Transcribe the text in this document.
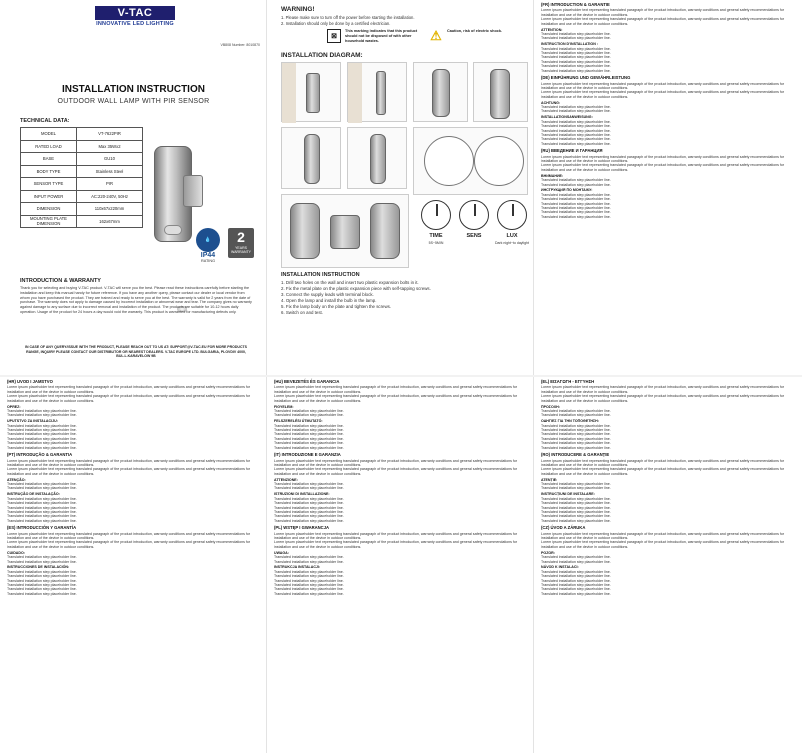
V-TAC
INNOVATIVE LED LIGHTING
VB808 Number: 8010870
INSTALLATION INSTRUCTION
OUTDOOR WALL LAMP WITH PIR SENSOR
TECHNICAL DATA:
MODEL	VT-7622PIR
RATED LOAD	Max 35Wx2
BASE	GU10
BODY TYPE	Stainless Steel
SENSOR TYPE	PIR
INPUT POWER	AC:220-240V, 50Hz
DIMENSION	110x67x220mm
MOUNTING PLATE DIMENSION	162x67mm
💧
IP44
RATING
2
YEARS WARRANTY
INTRODUCTION & WARRANTY
Thank you for selecting and buying V-TAC product. V-TAC will serve you the best. Please read these instructions carefully before starting the installation and keep this manual handy for future reference. If you have any another query, please contact our dealer or local vendor from whom you have purchased the product. They are trained and ready to serve you at the best. The warranty is valid for 2 years from the date of purchase. The warranty does not apply to damage caused by incorrect installation or abnormal wear and tear. The company gives no warranty against damage to any surface due to incorrect removal and installation of the product. The products are suitable for 10-12 hours daily operation. Usage of the product for 24 hours a day would void the warranty. This product is warranted for manufacturing defects only.
IN CASE OF ANY QUERY/ISSUE WITH THE PRODUCT, PLEASE REACH OUT TO US AT: SUPPORT@V-TAC.EU FOR MORE PRODUCTS RANGE, INQUIRY PLEASE CONTACT OUR DISTRIBUTOR OR NEAREST DEALERS. V-TAC EUROPE LTD. BULGARIA, PLOVDIV 4000, BUL.L.KARAVELOW 9B
WARNING!
1. Please make sure to turn off the power before starting the installation.
2. Installation should only be done by a certified electrician.
⊠
This marking indicates that this product should not be disposed of with other household wastes.	⚠	Caution, risk of electric shock.
INSTALLATION DIAGRAM:
TIME	SENS	LUX
5S~5MIN	Dark night~to daylight
INSTALLATION INSTRUCTION
1. Drill two holes on the wall and insert two plastic expansion bolts in it.
2. Fix the metal plate on the plastic expansion piece with self-tapping screws.
3. Connect the supply leads with terminal block.
4. Open the lamp and install the bulb in the lamp.
5. Fix the lamp body on the plate and tighten the screws.
6. Switch on and test.
(FR) INTRODUCTION & GARANTIE

Lorem ipsum placeholder text representing translated paragraph of the product introduction, warranty conditions and general safety recommendations for installation and use of the device in outdoor conditions.

Lorem ipsum placeholder text representing translated paragraph of the product introduction, warranty conditions and general safety recommendations for installation and use of the device in outdoor conditions.

ATTENTION:

Translated installation step placeholder line.

Translated installation step placeholder line.

INSTRUCTION D'INSTALLATION :

Translated installation step placeholder line.

Translated installation step placeholder line.

Translated installation step placeholder line.

Translated installation step placeholder line.

Translated installation step placeholder line.

Translated installation step placeholder line.

(DE) EINFÜHRUNG UND GEWÄHRLEISTUNG

Lorem ipsum placeholder text representing translated paragraph of the product introduction, warranty conditions and general safety recommendations for installation and use of the device in outdoor conditions.

Lorem ipsum placeholder text representing translated paragraph of the product introduction, warranty conditions and general safety recommendations for installation and use of the device in outdoor conditions.

ACHTUNG:

Translated installation step placeholder line.

Translated installation step placeholder line.

INSTALLATIONSANWEISUNG:

Translated installation step placeholder line.

Translated installation step placeholder line.

Translated installation step placeholder line.

Translated installation step placeholder line.

Translated installation step placeholder line.

Translated installation step placeholder line.

(RU) ВВЕДЕНИЕ И ГАРАНЦИЯ

Lorem ipsum placeholder text representing translated paragraph of the product introduction, warranty conditions and general safety recommendations for installation and use of the device in outdoor conditions.

Lorem ipsum placeholder text representing translated paragraph of the product introduction, warranty conditions and general safety recommendations for installation and use of the device in outdoor conditions.

ВНИМАНИЕ:

Translated installation step placeholder line.

Translated installation step placeholder line.

ИНСТРУКЦИЯ ПО МОНТАЖУ:

Translated installation step placeholder line.

Translated installation step placeholder line.

Translated installation step placeholder line.

Translated installation step placeholder line.

Translated installation step placeholder line.

Translated installation step placeholder line.

(HR) UVOD I JAMSTVO

Lorem ipsum placeholder text representing translated paragraph of the product introduction, warranty conditions and general safety recommendations for installation and use of the device in outdoor conditions.

Lorem ipsum placeholder text representing translated paragraph of the product introduction, warranty conditions and general safety recommendations for installation and use of the device in outdoor conditions.

OPREZ:

Translated installation step placeholder line.

Translated installation step placeholder line.

UPUTSTVO ZA INSTALACIJU:

Translated installation step placeholder line.

Translated installation step placeholder line.

Translated installation step placeholder line.

Translated installation step placeholder line.

Translated installation step placeholder line.

Translated installation step placeholder line.

(PT) INTRODUÇÃO & GARANTIA

Lorem ipsum placeholder text representing translated paragraph of the product introduction, warranty conditions and general safety recommendations for installation and use of the device in outdoor conditions.

Lorem ipsum placeholder text representing translated paragraph of the product introduction, warranty conditions and general safety recommendations for installation and use of the device in outdoor conditions.

ATENÇÃO:

Translated installation step placeholder line.

Translated installation step placeholder line.

INSTRUÇÃO DE INSTALAÇÃO:

Translated installation step placeholder line.

Translated installation step placeholder line.

Translated installation step placeholder line.

Translated installation step placeholder line.

Translated installation step placeholder line.

Translated installation step placeholder line.

(ES) INTRODUCCIÓN Y GARANTÍA

Lorem ipsum placeholder text representing translated paragraph of the product introduction, warranty conditions and general safety recommendations for installation and use of the device in outdoor conditions.

Lorem ipsum placeholder text representing translated paragraph of the product introduction, warranty conditions and general safety recommendations for installation and use of the device in outdoor conditions.

CUIDADO:

Translated installation step placeholder line.

Translated installation step placeholder line.

INSTRUCCIONES DE INSTALACIÓN:

Translated installation step placeholder line.

Translated installation step placeholder line.

Translated installation step placeholder line.

Translated installation step placeholder line.

Translated installation step placeholder line.

Translated installation step placeholder line.

(HU) BEVEZETÉS ÉS GARANCIA

Lorem ipsum placeholder text representing translated paragraph of the product introduction, warranty conditions and general safety recommendations for installation and use of the device in outdoor conditions.

Lorem ipsum placeholder text representing translated paragraph of the product introduction, warranty conditions and general safety recommendations for installation and use of the device in outdoor conditions.

FIGYELEM:

Translated installation step placeholder line.

Translated installation step placeholder line.

FELSZERELÉSI ÚTMUTATÓ:

Translated installation step placeholder line.

Translated installation step placeholder line.

Translated installation step placeholder line.

Translated installation step placeholder line.

Translated installation step placeholder line.

Translated installation step placeholder line.

(IT) INTRODUZIONE E GARANZIA

Lorem ipsum placeholder text representing translated paragraph of the product introduction, warranty conditions and general safety recommendations for installation and use of the device in outdoor conditions.

Lorem ipsum placeholder text representing translated paragraph of the product introduction, warranty conditions and general safety recommendations for installation and use of the device in outdoor conditions.

ATTENZIONE:

Translated installation step placeholder line.

Translated installation step placeholder line.

ISTRUZIONI DI INSTALLAZIONE:

Translated installation step placeholder line.

Translated installation step placeholder line.

Translated installation step placeholder line.

Translated installation step placeholder line.

Translated installation step placeholder line.

Translated installation step placeholder line.

(PL) WSTĘP I GWARANCJA

Lorem ipsum placeholder text representing translated paragraph of the product introduction, warranty conditions and general safety recommendations for installation and use of the device in outdoor conditions.

Lorem ipsum placeholder text representing translated paragraph of the product introduction, warranty conditions and general safety recommendations for installation and use of the device in outdoor conditions.

UWAGA:

Translated installation step placeholder line.

Translated installation step placeholder line.

INSTRUKCJA INSTALACJI:

Translated installation step placeholder line.

Translated installation step placeholder line.

Translated installation step placeholder line.

Translated installation step placeholder line.

Translated installation step placeholder line.

Translated installation step placeholder line.

(EL) ΕΙΣΑΓΩΓΗ - ΕΓΓΥΗΣΗ

Lorem ipsum placeholder text representing translated paragraph of the product introduction, warranty conditions and general safety recommendations for installation and use of the device in outdoor conditions.

Lorem ipsum placeholder text representing translated paragraph of the product introduction, warranty conditions and general safety recommendations for installation and use of the device in outdoor conditions.

ΠΡΟΣΟΧΗ:

Translated installation step placeholder line.

Translated installation step placeholder line.

ΟΔΗΓΙΕΣ ΓΙΑ ΤΗΝ ΤΟΠΟΘΕΤΗΣΗ:

Translated installation step placeholder line.

Translated installation step placeholder line.

Translated installation step placeholder line.

Translated installation step placeholder line.

Translated installation step placeholder line.

Translated installation step placeholder line.

(RO) INTRODUCERE & GARANȚIE

Lorem ipsum placeholder text representing translated paragraph of the product introduction, warranty conditions and general safety recommendations for installation and use of the device in outdoor conditions.

Lorem ipsum placeholder text representing translated paragraph of the product introduction, warranty conditions and general safety recommendations for installation and use of the device in outdoor conditions.

ATENȚIE:

Translated installation step placeholder line.

Translated installation step placeholder line.

INSTRUCȚIUNI DE INSTALARE:

Translated installation step placeholder line.

Translated installation step placeholder line.

Translated installation step placeholder line.

Translated installation step placeholder line.

Translated installation step placeholder line.

Translated installation step placeholder line.

(CZ) ÚVOD A ZÁRUKA

Lorem ipsum placeholder text representing translated paragraph of the product introduction, warranty conditions and general safety recommendations for installation and use of the device in outdoor conditions.

Lorem ipsum placeholder text representing translated paragraph of the product introduction, warranty conditions and general safety recommendations for installation and use of the device in outdoor conditions.

POZOR:

Translated installation step placeholder line.

Translated installation step placeholder line.

NÁVOD K INSTALACI:

Translated installation step placeholder line.

Translated installation step placeholder line.

Translated installation step placeholder line.

Translated installation step placeholder line.

Translated installation step placeholder line.

Translated installation step placeholder line.
